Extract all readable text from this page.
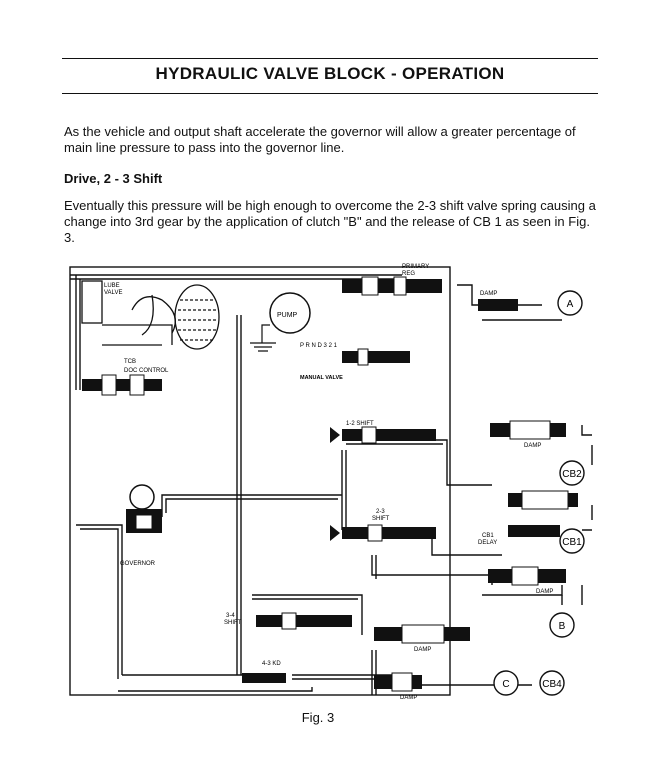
HYDRAULIC VALVE BLOCK - OPERATION

As the vehicle and output shaft accelerate the governor will allow a greater percentage of main line pressure to pass into the governor line.

Drive, 2 - 3 Shift

Eventually this pressure will be high enough to overcome the 2-3 shift valve spring causing a change into 3rd gear by the application of clutch "B" and the release of CB 1 as seen in Fig. 3.

LUBE
VALVE
TCB
DOC CONTROL
PUMP
PRIMARY
REG
P R N D 3 2 1
MANUAL VALVE
A
DAMP
1-2 SHIFT
DAMP
CB2
2-3
SHIFT
CB1
DELAY	CB1
DAMP
B
GOVERNOR
3-4
SHIFT
DAMP
4-3 KD
DAMP
C	CB4
Fig. 3
